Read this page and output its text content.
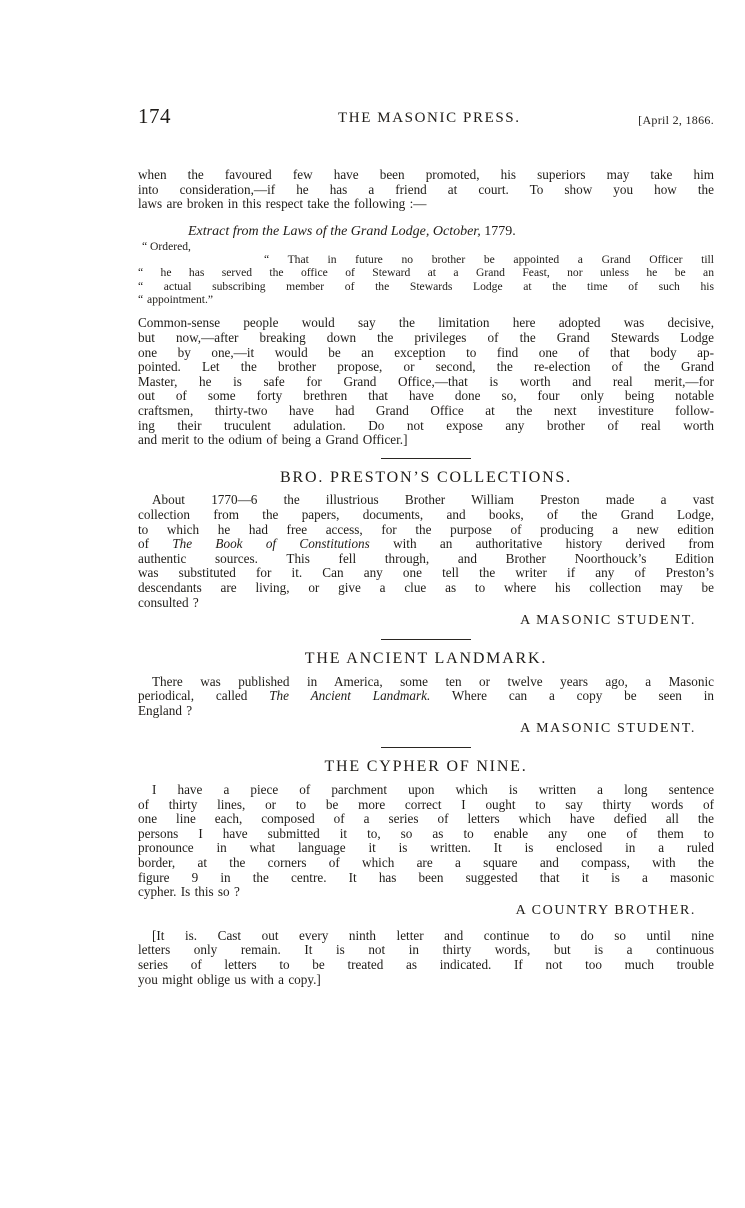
174	THE MASONIC PRESS.	[April 2, 1866.

when the favoured few have been promoted, his superiors may take him
into consideration,—if he has a friend at court. To show you how the
laws are broken in this respect take the following :—

Extract from the Laws of the Grand Lodge, October, 1779.
“ Ordered,

“ That in future no brother be appointed a Grand Officer till
“ he has served the office of Steward at a Grand Feast, nor unless he be an
“ actual subscribing member of the Stewards Lodge at the time of such his
“ appointment.”

Common-sense people would say the limitation here adopted was decisive,
but now,—after breaking down the privileges of the Grand Stewards Lodge
one by one,—it would be an exception to find one of that body ap-
pointed. Let the brother propose, or second, the re-election of the Grand
Master, he is safe for Grand Office,—that is worth and real merit,—for
out of some forty brethren that have done so, four only being notable
craftsmen, thirty-two have had Grand Office at the next investiture follow-
ing their truculent adulation. Do not expose any brother of real worth
and merit to the odium of being a Grand Officer.]

BRO. PRESTON’S COLLECTIONS.

About 1770—6 the illustrious Brother William Preston made a vast
collection from the papers, documents, and books, of the Grand Lodge,
to which he had free access, for the purpose of producing a new edition
of The Book of Constitutions with an authoritative history derived from
authentic sources. This fell through, and Brother Noorthouck’s Edition
was substituted for it. Can any one tell the writer if any of Preston’s
descendants are living, or give a clue as to where his collection may be
consulted ?

A MASONIC STUDENT.
THE ANCIENT LANDMARK.

There was published in America, some ten or twelve years ago, a Masonic
periodical, called The Ancient Landmark. Where can a copy be seen in
England ?

A MASONIC STUDENT.
THE CYPHER OF NINE.

I have a piece of parchment upon which is written a long sentence
of thirty lines, or to be more correct I ought to say thirty words of
one line each, composed of a series of letters which have defied all the
persons I have submitted it to, so as to enable any one of them to
pronounce in what language it is written. It is enclosed in a ruled
border, at the corners of which are a square and compass, with the
figure 9 in the centre. It has been suggested that it is a masonic
cypher. Is this so ?

A COUNTRY BROTHER.

[It is. Cast out every ninth letter and continue to do so until nine
letters only remain. It is not in thirty words, but is a continuous
series of letters to be treated as indicated. If not too much trouble
you might oblige us with a copy.]
